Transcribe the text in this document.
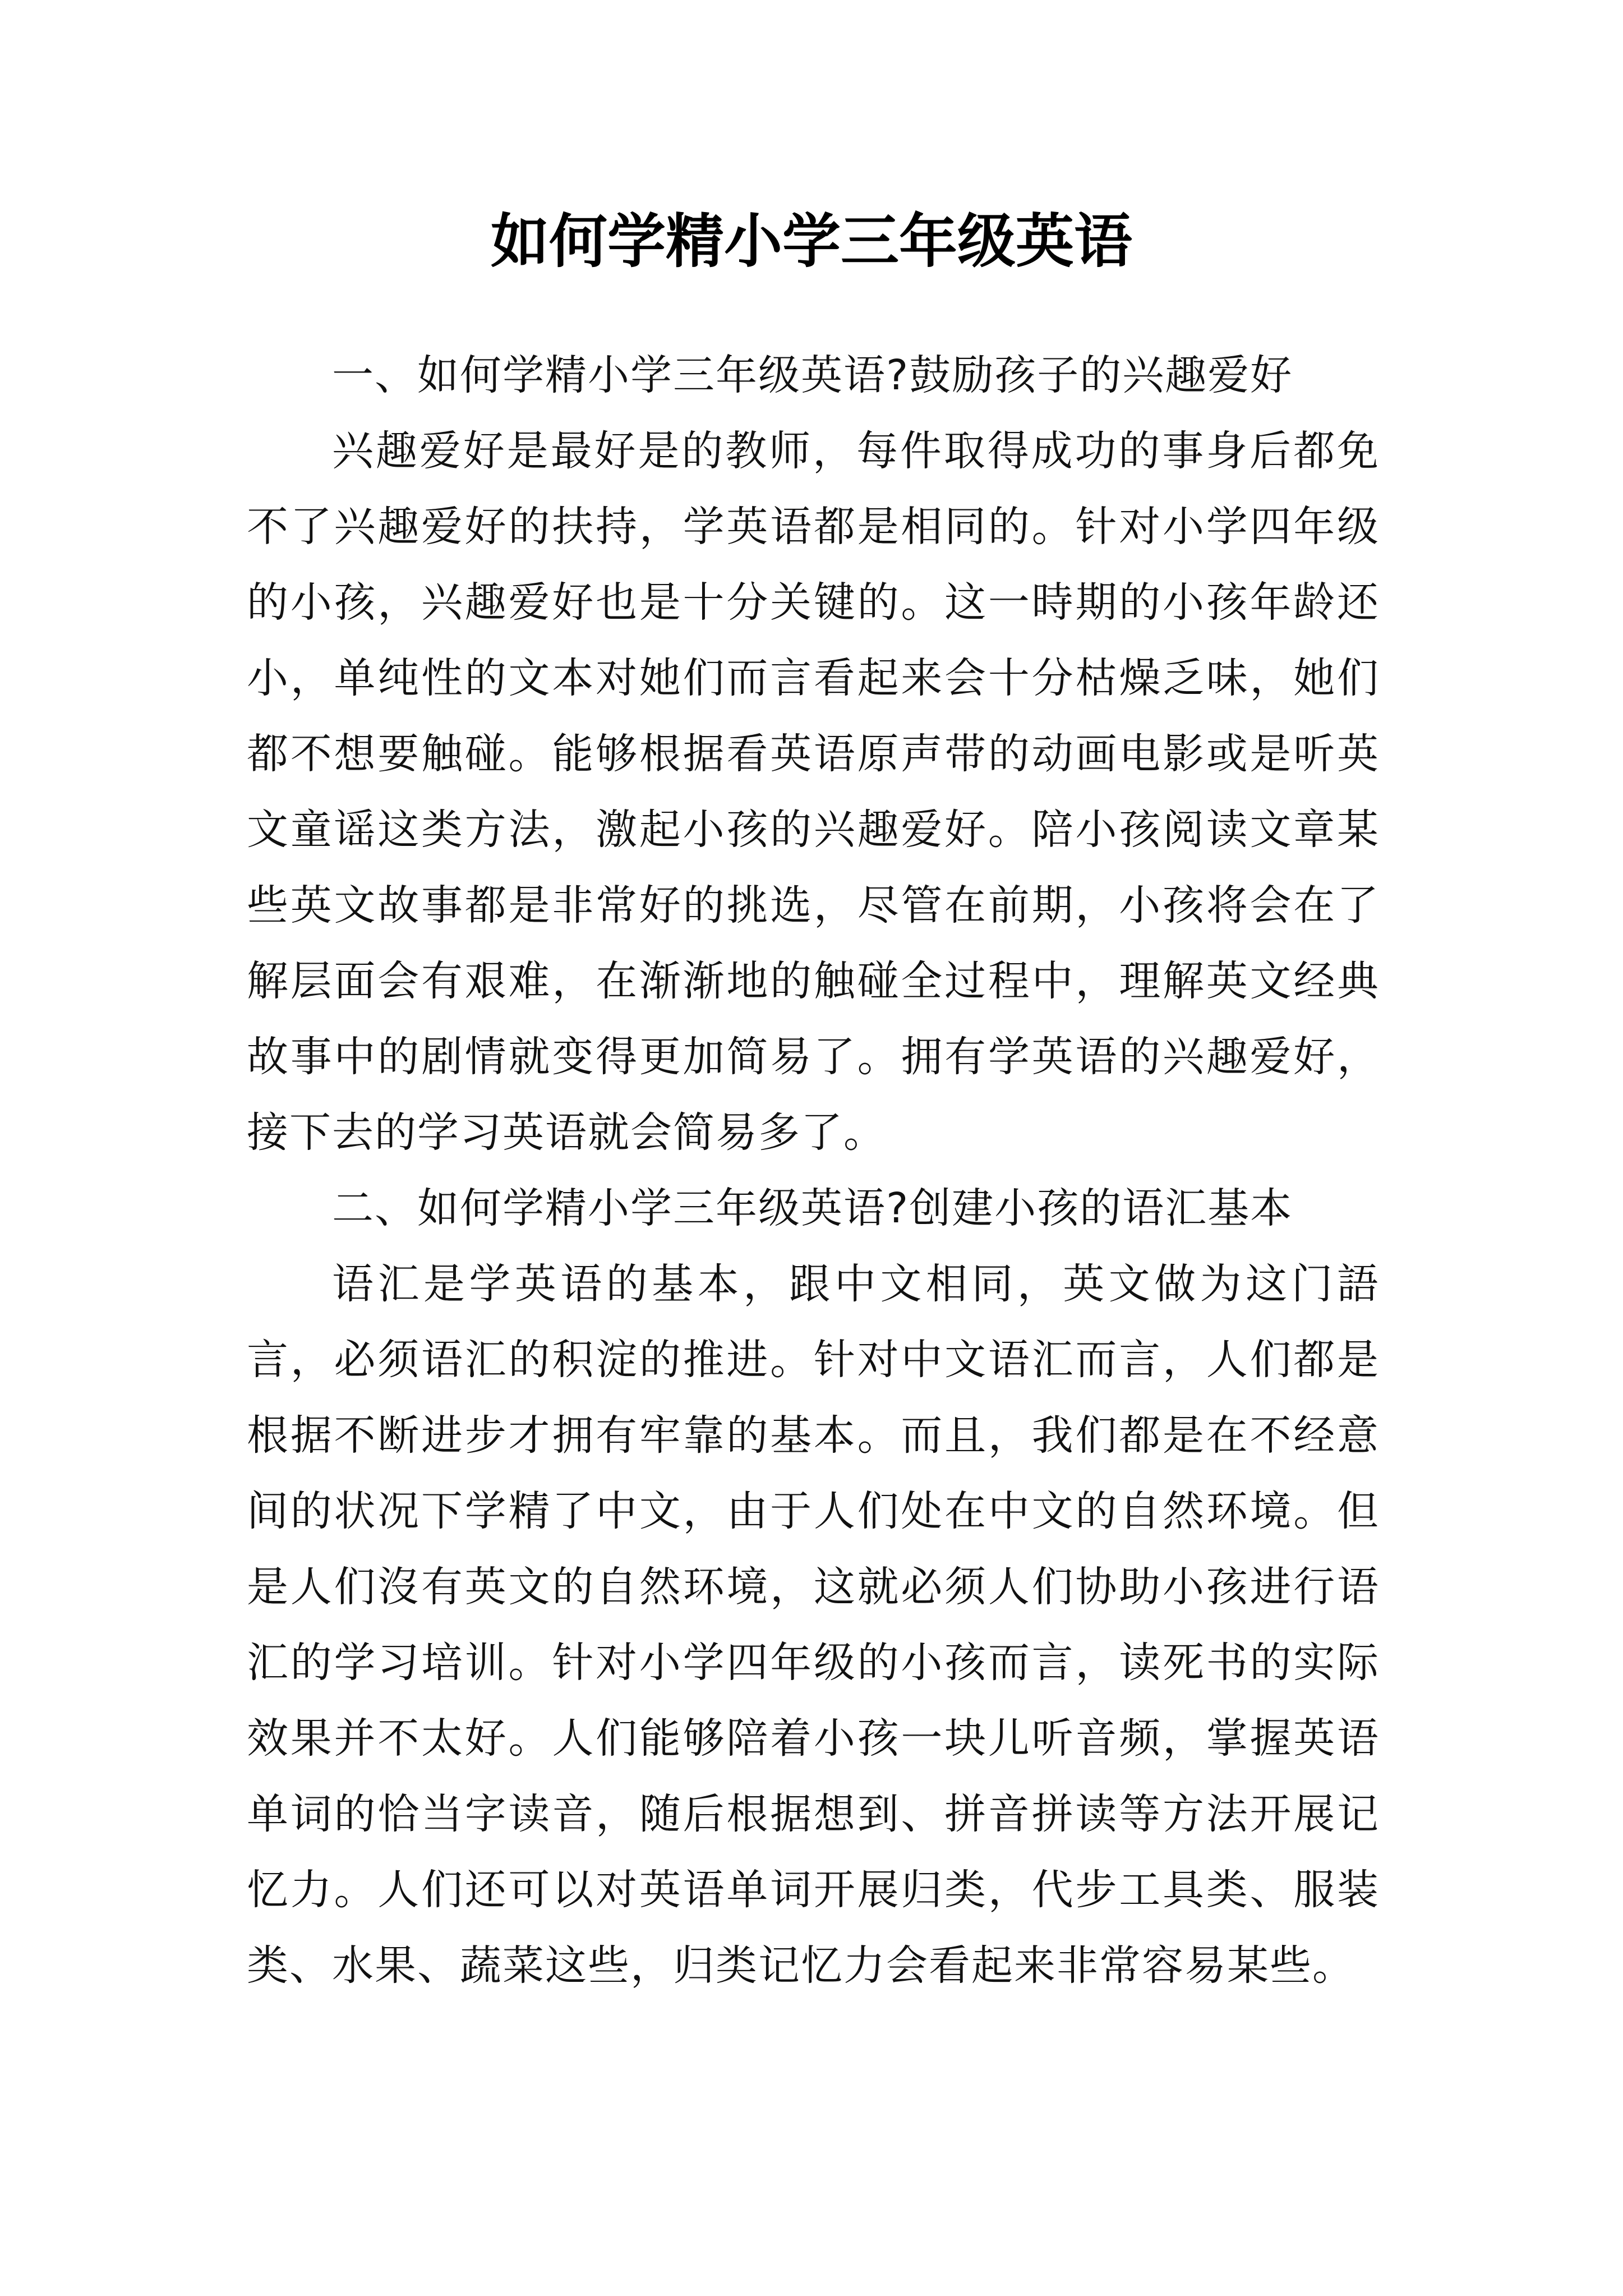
如何学精小学三年级英语

一、如何学精小学三年级英语?鼓励孩子的兴趣爱好

兴趣爱好是最好是的教师，每件取得成功的事身后都免不了兴趣爱好的扶持，学英语都是相同的。针对小学四年级的小孩，兴趣爱好也是十分关键的。这一時期的小孩年龄还小，单纯性的文本对她们而言看起来会十分枯燥乏味，她们都不想要触碰。能够根据看英语原声带的动画电影或是听英文童谣这类方法，激起小孩的兴趣爱好。陪小孩阅读文章某些英文故事都是非常好的挑选，尽管在前期，小孩将会在了解层面会有艰难，在渐渐地的触碰全过程中，理解英文经典故事中的剧情就变得更加简易了。拥有学英语的兴趣爱好，接下去的学习英语就会简易多了。

二、如何学精小学三年级英语?创建小孩的语汇基本

语汇是学英语的基本，跟中文相同，英文做为这门語言，必须语汇的积淀的推进。针对中文语汇而言，人们都是根据不断进步才拥有牢靠的基本。而且，我们都是在不经意间的状况下学精了中文，由于人们处在中文的自然环境。但是人们沒有英文的自然环境，这就必须人们协助小孩进行语汇的学习培训。针对小学四年级的小孩而言，读死书的实际效果并不太好。人们能够陪着小孩一块儿听音频，掌握英语单词的恰当字读音，随后根据想到、拼音拼读等方法开展记忆力。人们还可以对英语单词开展归类，代步工具类、服装类、水果、蔬菜这些，归类记忆力会看起来非常容易某些。
